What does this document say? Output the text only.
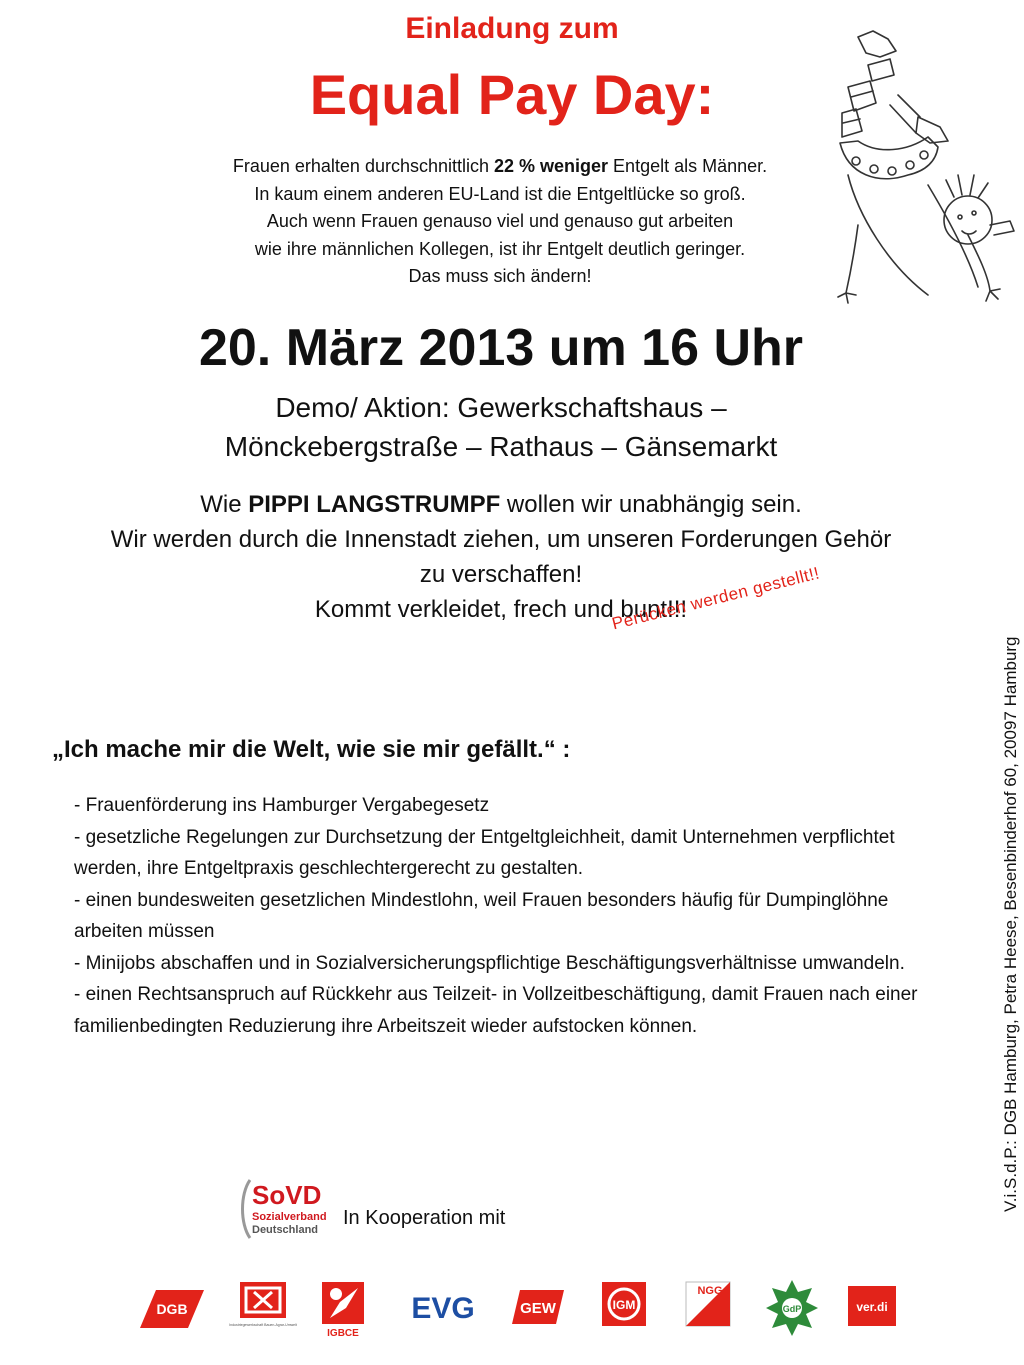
Einladung zum
Equal Pay Day:
Frauen erhalten durchschnittlich 22 % weniger Entgelt als Männer.
In kaum einem anderen EU-Land ist die Entgeltlücke so groß.
Auch wenn Frauen genauso viel und genauso gut arbeiten
wie ihre männlichen Kollegen, ist ihr Entgelt deutlich geringer.
Das muss sich ändern!
20. März 2013 um 16 Uhr
Demo/ Aktion: Gewerkschaftshaus –
Mönckebergstraße – Rathaus – Gänsemarkt
Wie PIPPI LANGSTRUMPF wollen wir unabhängig sein.
Wir werden durch die Innenstadt ziehen, um unseren Forderungen Gehör
zu verschaffen!
Kommt verkleidet, frech und bunt!!!
Perücken werden gestellt!!
„Ich mache mir die Welt, wie sie mir gefällt.“ :

- Frauenförderung ins Hamburger Vergabegesetz

- gesetzliche Regelungen zur Durchsetzung der Entgeltgleichheit, damit Unternehmen verpflichtet werden, ihre Entgeltpraxis geschlechtergerecht zu gestalten.

- einen bundesweiten gesetzlichen Mindestlohn, weil Frauen besonders häufig für Dumpinglöhne arbeiten müssen

- Minijobs abschaffen und in Sozialversicherungspflichtige Beschäftigungsverhältnisse umwandeln.

- einen Rechtsanspruch auf Rückkehr aus Teilzeit- in Vollzeitbeschäftigung, damit Frauen nach einer familienbedingten Reduzierung ihre Arbeitszeit wieder aufstocken können.	V.i.S.d.P.: DGB Hamburg, Petra Heese, Besenbinderhof 60, 20097 Hamburg
SoVD
Sozialverband
Deutschland
In Kooperation mit
DGB
Industriegewerkschaft Bauen-Agrar-Umwelt
IGBCE
EVG	GEW	IGM
NGG
GdP	ver.di
